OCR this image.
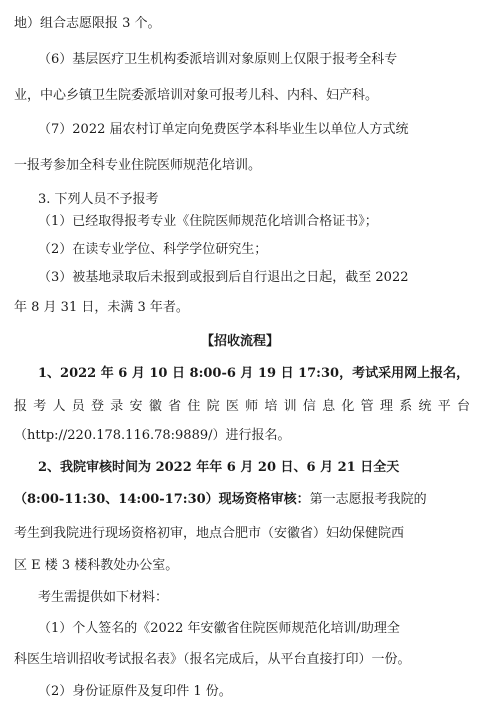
地）组合志愿限报 3 个。
（6）基层医疗卫生机构委派培训对象原则上仅限于报考全科专
业，中心乡镇卫生院委派培训对象可报考儿科、内科、妇产科。
（7）2022 届农村订单定向免费医学本科毕业生以单位人方式统
一报考参加全科专业住院医师规范化培训。
3. 下列人员不予报考
（1）已经取得报考专业《住院医师规范化培训合格证书》；
（2）在读专业学位、科学学位研究生；
（3）被基地录取后未报到或报到后自行退出之日起，截至 2022
年 8 月 31 日，未满 3 年者。
【招收流程】
1、2022 年 6 月 10 日 8:00-6 月 19 日 17:30，考试采用网上报名，
报考人员登录安徽省住院医师培训信息化管理系统平台
（http://220.178.116.78:9889/）进行报名。
2、我院审核时间为 2022 年年 6 月 20 日、6 月 21 日全天
（8:00-11:30、14:00-17:30）现场资格审核：第一志愿报考我院的
考生到我院进行现场资格初审，地点合肥市（安徽省）妇幼保健院西
区 E 楼 3 楼科教处办公室。
考生需提供如下材料：
（1）个人签名的《2022 年安徽省住院医师规范化培训/助理全
科医生培训招收考试报名表》（报名完成后，从平台直接打印）一份。
（2）身份证原件及复印件 1 份。
